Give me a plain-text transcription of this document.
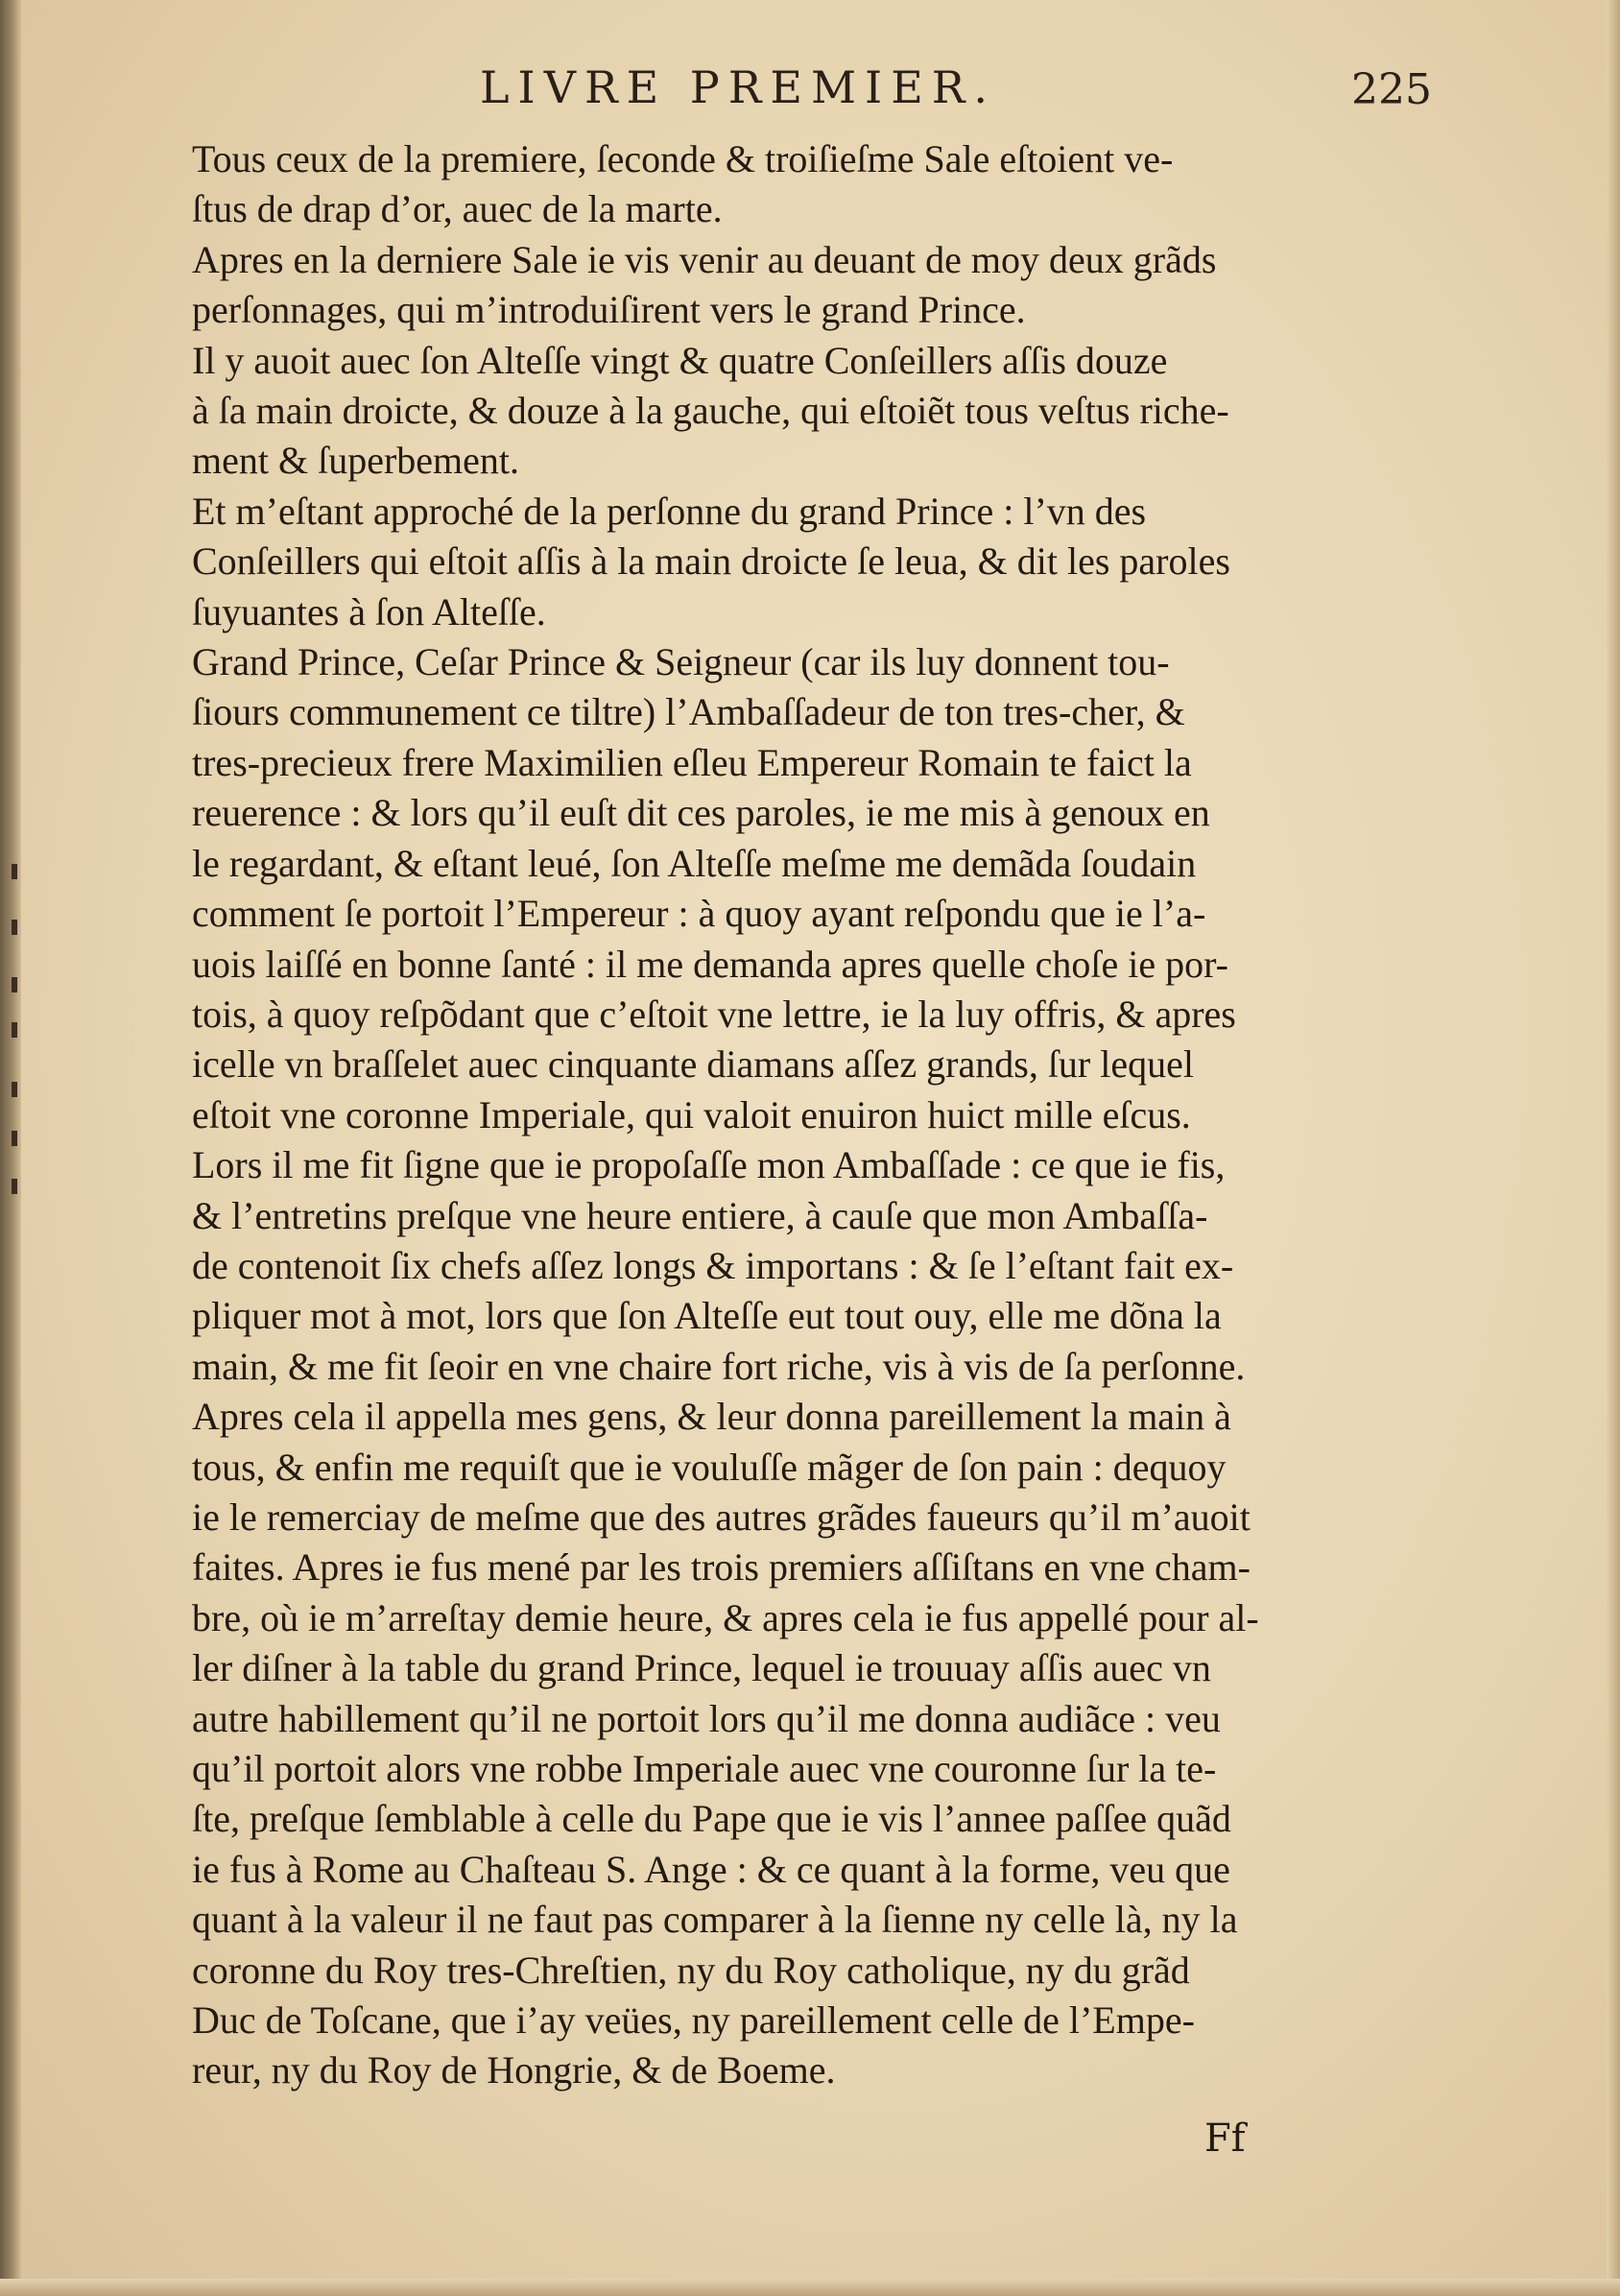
LIVRE PREMIER.	225
Tous ceux de la premiere, ſeconde & troiſieſme Sale eſtoient ve-
ſtus de drap d’or, auec de la marte.
Apres en la derniere Sale ie vis venir au deuant de moy deux grãds
perſonnages, qui m’introduiſirent vers le grand Prince.
Il y auoit auec ſon Alteſſe vingt & quatre Conſeillers aſſis douze
à ſa main droicte, & douze à la gauche, qui eſtoiẽt tous veſtus riche-
ment & ſuperbement.
Et m’eſtant approché de la perſonne du grand Prince : l’vn des
Conſeillers qui eſtoit aſſis à la main droicte ſe leua, & dit les paroles
ſuyuantes à ſon Alteſſe.
Grand Prince, Ceſar Prince & Seigneur (car ils luy donnent tou-
ſiours communement ce tiltre) l’Ambaſſadeur de ton tres-cher, &
tres-precieux frere Maximilien eſleu Empereur Romain te faict la
reuerence : & lors qu’il euſt dit ces paroles, ie me mis à genoux en
le regardant, & eſtant leué, ſon Alteſſe meſme me demãda ſoudain
comment ſe portoit l’Empereur : à quoy ayant reſpondu que ie l’a-
uois laiſſé en bonne ſanté : il me demanda apres quelle choſe ie por-
tois, à quoy reſpõdant que c’eſtoit vne lettre, ie la luy offris, & apres
icelle vn braſſelet auec cinquante diamans aſſez grands, ſur lequel
eſtoit vne coronne Imperiale, qui valoit enuiron huict mille eſcus.
Lors il me fit ſigne que ie propoſaſſe mon Ambaſſade : ce que ie fis,
& l’entretins preſque vne heure entiere, à cauſe que mon Ambaſſa-
de contenoit ſix chefs aſſez longs & importans : & ſe l’eſtant fait ex-
pliquer mot à mot, lors que ſon Alteſſe eut tout ouy, elle me dõna la
main, & me fit ſeoir en vne chaire fort riche, vis à vis de ſa perſonne.
Apres cela il appella mes gens, & leur donna pareillement la main à
tous, & enfin me requiſt que ie vouluſſe mãger de ſon pain : dequoy
ie le remerciay de meſme que des autres grãdes faueurs qu’il m’auoit
faites. Apres ie fus mené par les trois premiers aſſiſtans en vne cham-
bre, où ie m’arreſtay demie heure, & apres cela ie fus appellé pour al-
ler diſner à la table du grand Prince, lequel ie trouuay aſſis auec vn
autre habillement qu’il ne portoit lors qu’il me donna audiãce : veu
qu’il portoit alors vne robbe Imperiale auec vne couronne ſur la te-
ſte, preſque ſemblable à celle du Pape que ie vis l’annee paſſee quãd
ie fus à Rome au Chaſteau S. Ange : & ce quant à la forme, veu que
quant à la valeur il ne faut pas comparer à la ſienne ny celle là, ny la
coronne du Roy tres-Chreſtien, ny du Roy catholique, ny du grãd
Duc de Toſcane, que i’ay veües, ny pareillement celle de l’Empe-
reur, ny du Roy de Hongrie, & de Boeme.
Ff
